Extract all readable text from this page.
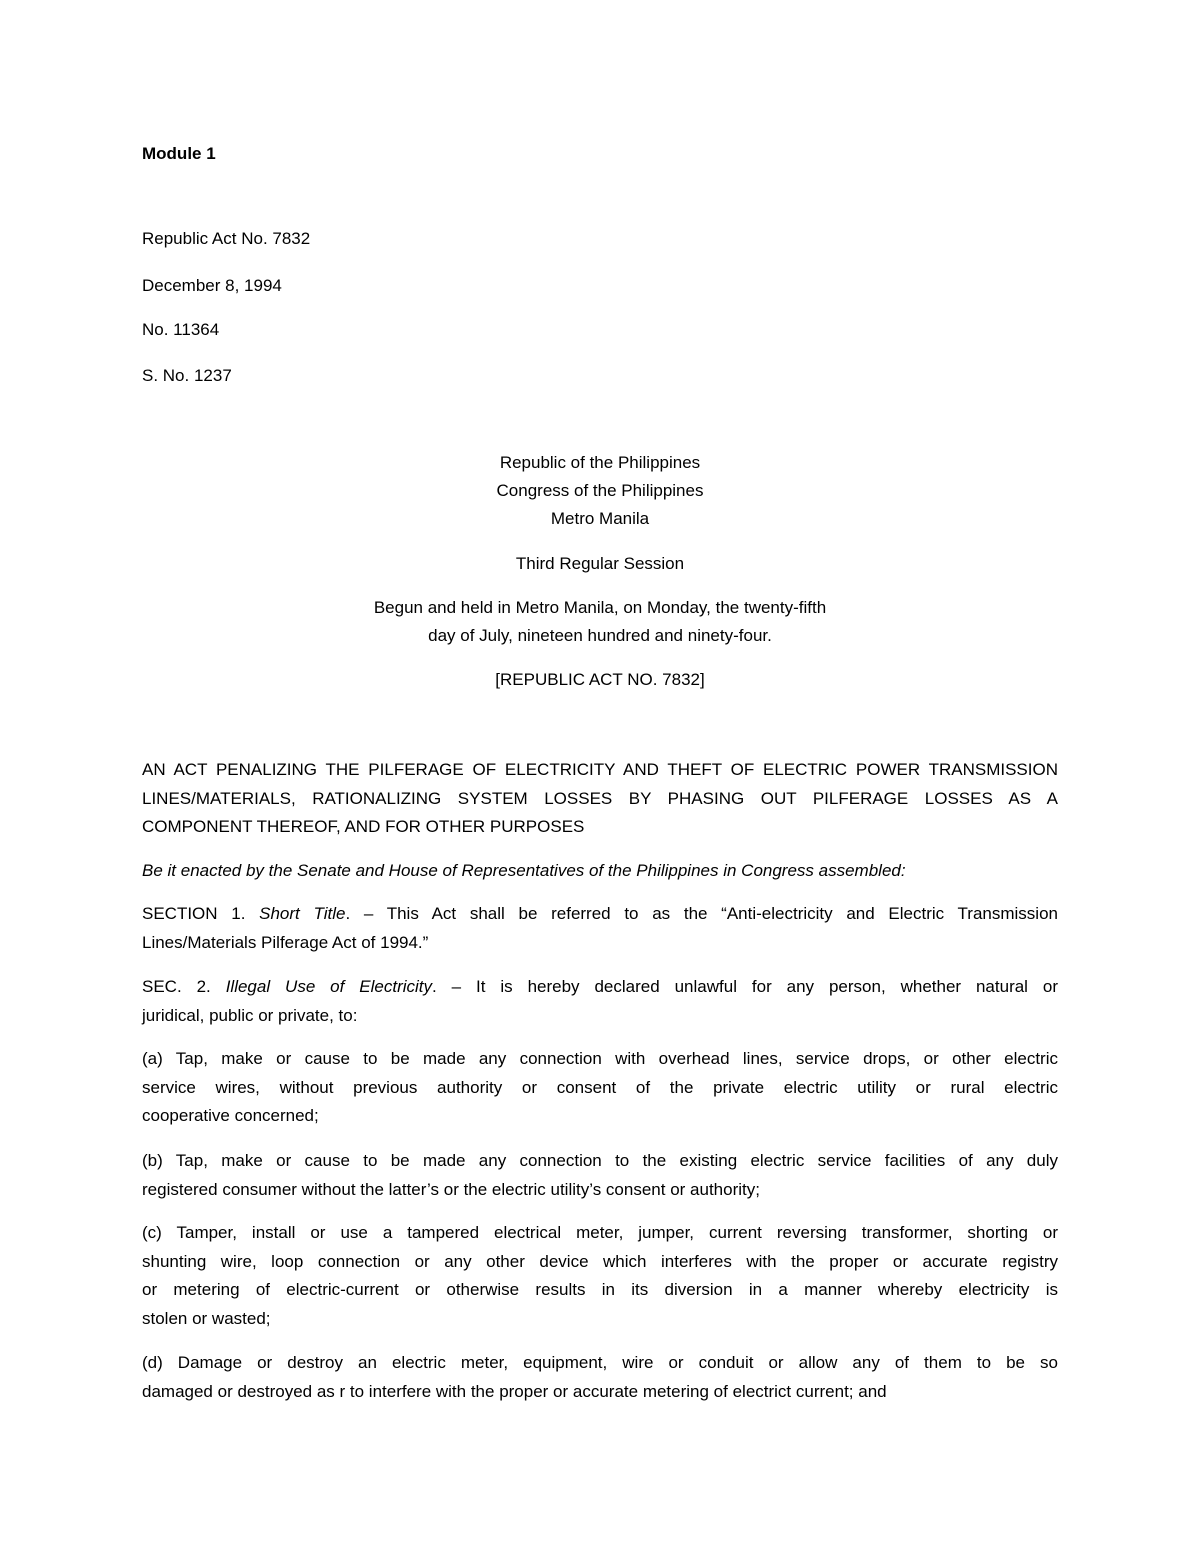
Module 1

Republic Act No. 7832

December 8, 1994

No. 11364

S. No. 1237

Republic of the Philippines

Congress of the Philippines

Metro Manila

Third Regular Session

Begun and held in Metro Manila, on Monday, the twenty-fifth

day of July, nineteen hundred and ninety-four.

[REPUBLIC ACT NO. 7832]

AN ACT PENALIZING THE PILFERAGE OF ELECTRICITY AND THEFT OF ELECTRIC POWER TRANSMISSION
LINES/MATERIALS, RATIONALIZING SYSTEM LOSSES BY PHASING OUT PILFERAGE LOSSES AS A
COMPONENT THEREOF, AND FOR OTHER PURPOSES
Be it enacted by the Senate and House of Representatives of the Philippines in Congress assembled:
SECTION 1. Short Title. – This Act shall be referred to as the “Anti-electricity and Electric Transmission
Lines/Materials Pilferage Act of 1994.”
SEC. 2. Illegal Use of Electricity. – It is hereby declared unlawful for any person, whether natural or
juridical, public or private, to:
(a) Tap, make or cause to be made any connection with overhead lines, service drops, or other electric
service wires, without previous authority or consent of the private electric utility or rural electric
cooperative concerned;
(b) Tap, make or cause to be made any connection to the existing electric service facilities of any duly
registered consumer without the latter’s or the electric utility’s consent or authority;
(c) Tamper, install or use a tampered electrical meter, jumper, current reversing transformer, shorting or
shunting wire, loop connection or any other device which interferes with the proper or accurate registry
or metering of electric-current or otherwise results in its diversion in a manner whereby electricity is
stolen or wasted;
(d) Damage or destroy an electric meter, equipment, wire or conduit or allow any of them to be so
damaged or destroyed as r to interfere with the proper or accurate metering of electrict current; and
